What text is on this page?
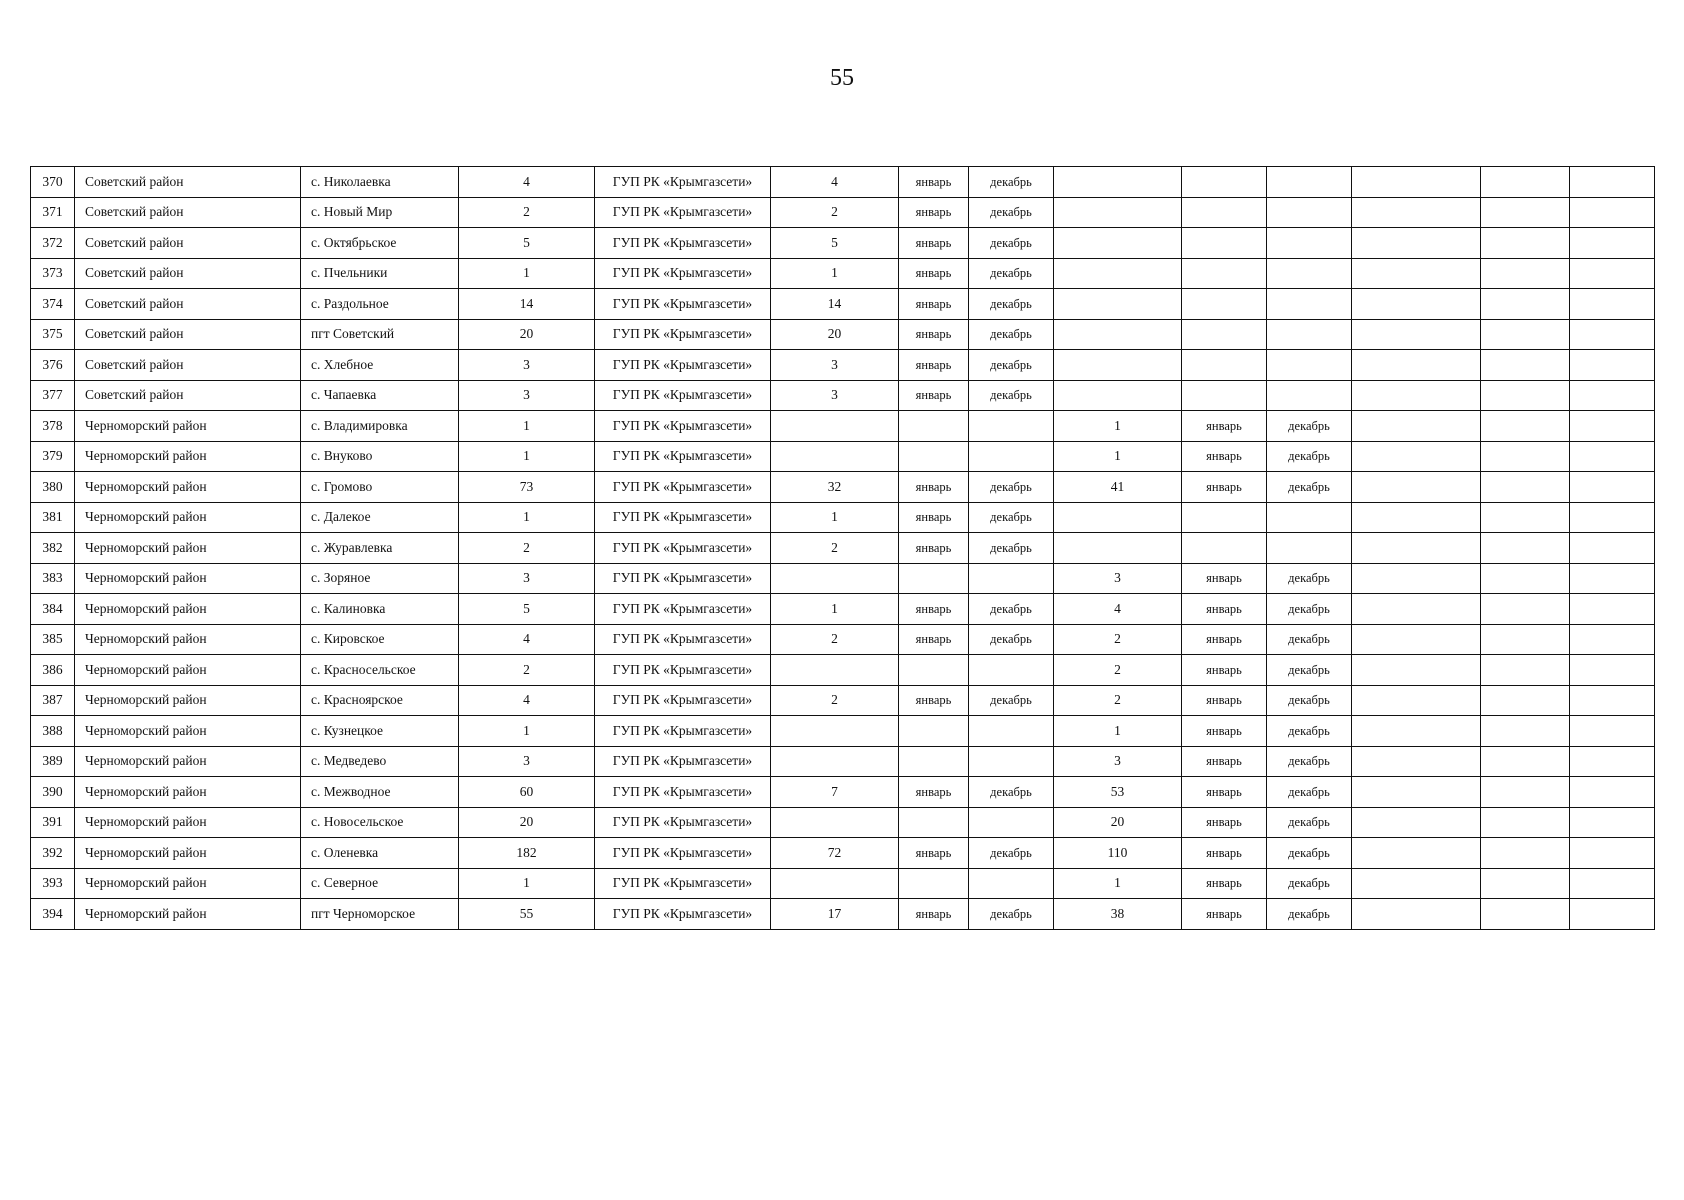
55
370	Советский район	с. Николаевка	4	ГУП РК «Крымгазсети»	4	январь	декабрь						
371	Советский район	с. Новый Мир	2	ГУП РК «Крымгазсети»	2	январь	декабрь						
372	Советский район	с. Октябрьское	5	ГУП РК «Крымгазсети»	5	январь	декабрь						
373	Советский район	с. Пчельники	1	ГУП РК «Крымгазсети»	1	январь	декабрь						
374	Советский район	с. Раздольное	14	ГУП РК «Крымгазсети»	14	январь	декабрь						
375	Советский район	пгт Советский	20	ГУП РК «Крымгазсети»	20	январь	декабрь						
376	Советский район	с. Хлебное	3	ГУП РК «Крымгазсети»	3	январь	декабрь						
377	Советский район	с. Чапаевка	3	ГУП РК «Крымгазсети»	3	январь	декабрь						
378	Черноморский район	с. Владимировка	1	ГУП РК «Крымгазсети»				1	январь	декабрь			
379	Черноморский район	с. Внуково	1	ГУП РК «Крымгазсети»				1	январь	декабрь			
380	Черноморский район	с. Громово	73	ГУП РК «Крымгазсети»	32	январь	декабрь	41	январь	декабрь			
381	Черноморский район	с. Далекое	1	ГУП РК «Крымгазсети»	1	январь	декабрь						
382	Черноморский район	с. Журавлевка	2	ГУП РК «Крымгазсети»	2	январь	декабрь						
383	Черноморский район	с. Зоряное	3	ГУП РК «Крымгазсети»				3	январь	декабрь			
384	Черноморский район	с. Калиновка	5	ГУП РК «Крымгазсети»	1	январь	декабрь	4	январь	декабрь			
385	Черноморский район	с. Кировское	4	ГУП РК «Крымгазсети»	2	январь	декабрь	2	январь	декабрь			
386	Черноморский район	с. Красносельское	2	ГУП РК «Крымгазсети»				2	январь	декабрь			
387	Черноморский район	с. Красноярское	4	ГУП РК «Крымгазсети»	2	январь	декабрь	2	январь	декабрь			
388	Черноморский район	с. Кузнецкое	1	ГУП РК «Крымгазсети»				1	январь	декабрь			
389	Черноморский район	с. Медведево	3	ГУП РК «Крымгазсети»				3	январь	декабрь			
390	Черноморский район	с. Межводное	60	ГУП РК «Крымгазсети»	7	январь	декабрь	53	январь	декабрь			
391	Черноморский район	с. Новосельское	20	ГУП РК «Крымгазсети»				20	январь	декабрь			
392	Черноморский район	с. Оленевка	182	ГУП РК «Крымгазсети»	72	январь	декабрь	110	январь	декабрь			
393	Черноморский район	с. Северное	1	ГУП РК «Крымгазсети»				1	январь	декабрь			
394	Черноморский район	пгт Черноморское	55	ГУП РК «Крымгазсети»	17	январь	декабрь	38	январь	декабрь			
